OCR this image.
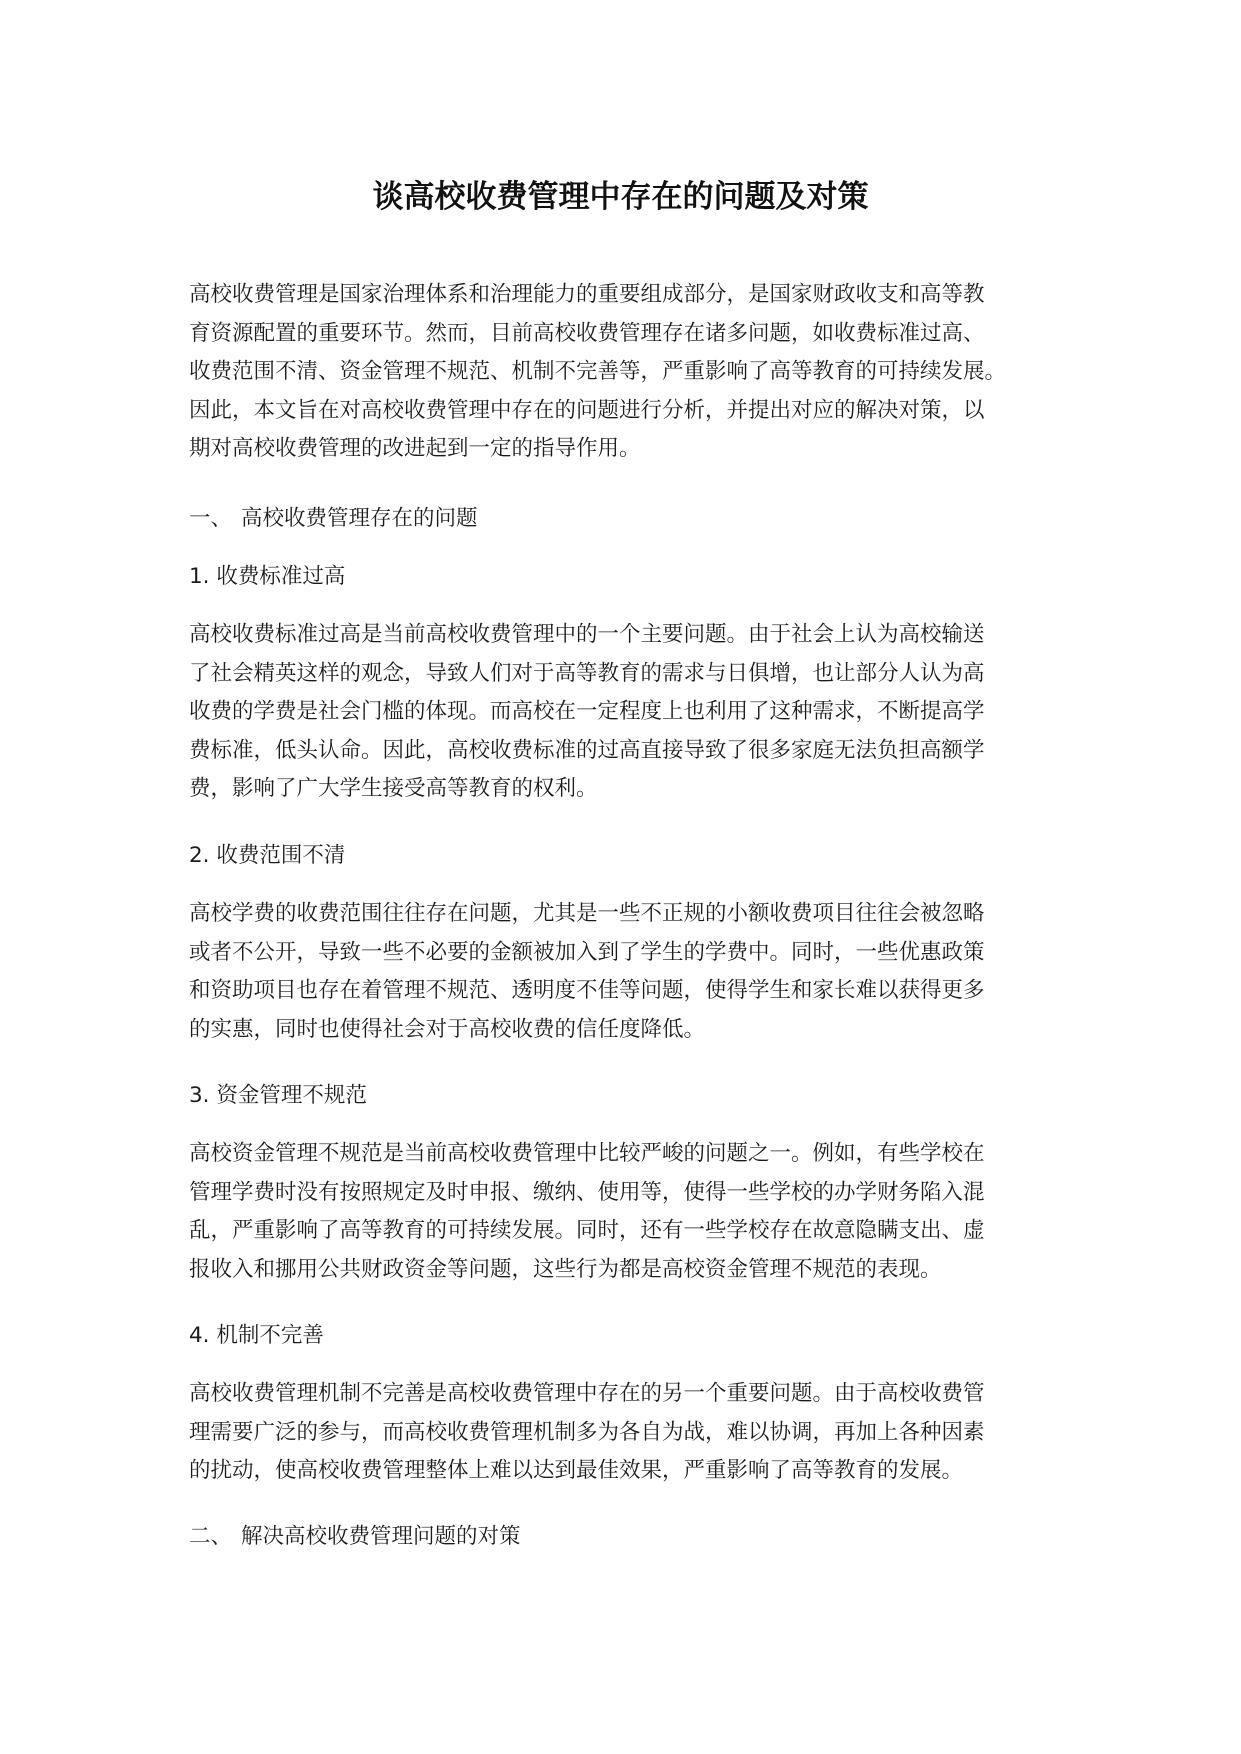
谈高校收费管理中存在的问题及对策

高校收费管理是国家治理体系和治理能力的重要组成部分，是国家财政收支和高等教
育资源配置的重要环节。然而，目前高校收费管理存在诸多问题，如收费标准过高、
收费范围不清、资金管理不规范、机制不完善等，严重影响了高等教育的可持续发展。
因此，本文旨在对高校收费管理中存在的问题进行分析，并提出对应的解决对策，以
期对高校收费管理的改进起到一定的指导作用。

一、 高校收费管理存在的问题

1. 收费标准过高

高校收费标准过高是当前高校收费管理中的一个主要问题。由于社会上认为高校输送
了社会精英这样的观念，导致人们对于高等教育的需求与日俱增，也让部分人认为高
收费的学费是社会门槛的体现。而高校在一定程度上也利用了这种需求，不断提高学
费标准，低头认命。因此，高校收费标准的过高直接导致了很多家庭无法负担高额学
费，影响了广大学生接受高等教育的权利。

2. 收费范围不清

高校学费的收费范围往往存在问题，尤其是一些不正规的小额收费项目往往会被忽略
或者不公开，导致一些不必要的金额被加入到了学生的学费中。同时，一些优惠政策
和资助项目也存在着管理不规范、透明度不佳等问题，使得学生和家长难以获得更多
的实惠，同时也使得社会对于高校收费的信任度降低。

3. 资金管理不规范

高校资金管理不规范是当前高校收费管理中比较严峻的问题之一。例如，有些学校在
管理学费时没有按照规定及时申报、缴纳、使用等，使得一些学校的办学财务陷入混
乱，严重影响了高等教育的可持续发展。同时，还有一些学校存在故意隐瞒支出、虚
报收入和挪用公共财政资金等问题，这些行为都是高校资金管理不规范的表现。

4. 机制不完善

高校收费管理机制不完善是高校收费管理中存在的另一个重要问题。由于高校收费管
理需要广泛的参与，而高校收费管理机制多为各自为战，难以协调，再加上各种因素
的扰动，使高校收费管理整体上难以达到最佳效果，严重影响了高等教育的发展。

二、 解决高校收费管理问题的对策
